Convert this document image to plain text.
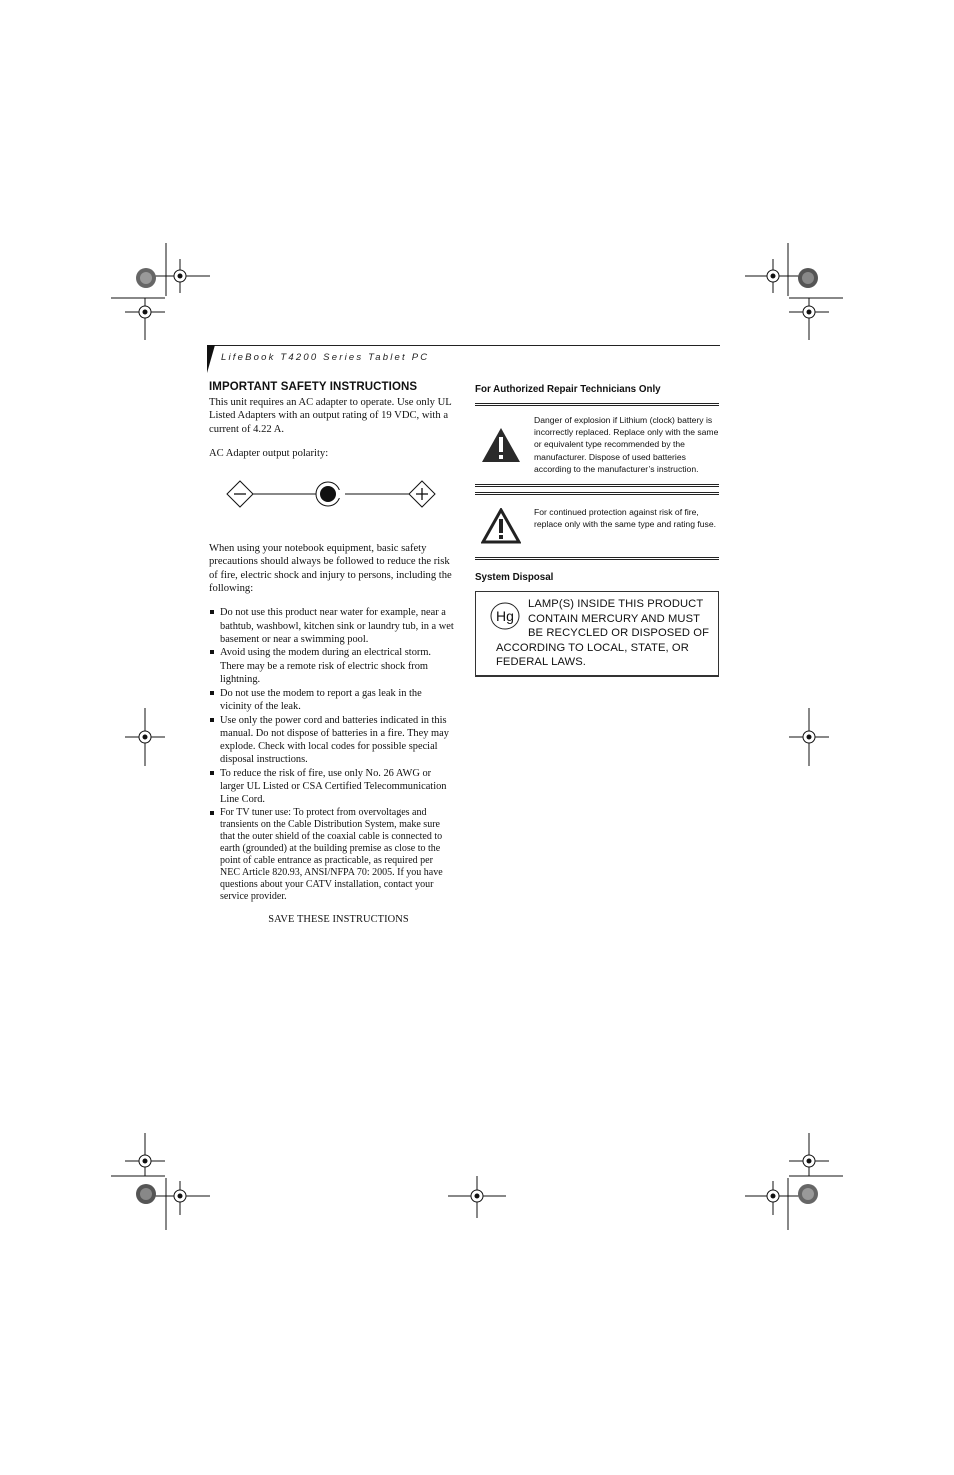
LifeBook T4200 Series Tablet PC
IMPORTANT SAFETY INSTRUCTIONS

This unit requires an AC adapter to operate. Use only UL Listed Adapters with an output rating of 19 VDC, with a current of 4.22 A.

AC Adapter output polarity:

When using your notebook equipment, basic safety precautions should always be followed to reduce the risk of fire, electric shock and injury to persons, including the following:

Do not use this product near water for example, near a bathtub, washbowl, kitchen sink or laundry tub, in a wet basement or near a swimming pool.
Avoid using the modem during an electrical storm. There may be a remote risk of electric shock from lightning.
Do not use the modem to report a gas leak in the vicinity of the leak.
Use only the power cord and batteries indicated in this manual. Do not dispose of batteries in a fire. They may explode. Check with local codes for possible special disposal instructions.
To reduce the risk of fire, use only No. 26 AWG or larger UL Listed or CSA Certified Telecommunication Line Cord.
For TV tuner use: To protect from overvoltages and transients on the Cable Distribution System, make sure that the outer shield of the coaxial cable is connected to earth (grounded) at the building premise as close to the point of cable entrance as practicable, as required per NEC Article 820.93, ANSI/NFPA 70: 2005. If you have questions about your CATV installation, contact your service provider.
SAVE THESE INSTRUCTIONS
For Authorized Repair Technicians Only
Danger of explosion if Lithium (clock) battery is incorrectly replaced. Replace only with the same or equivalent type recommended by the manufacturer. Dispose of used batteries according to the manufacturer’s instruction.
For continued protection against risk of fire, replace only with the same type and rating fuse.
System Disposal
Hg
LAMP(S) INSIDE THIS PRODUCT CONTAIN MERCURY AND MUST BE RECYCLED OR DISPOSED OF ACCORDING TO LOCAL, STATE, OR FEDERAL LAWS.
